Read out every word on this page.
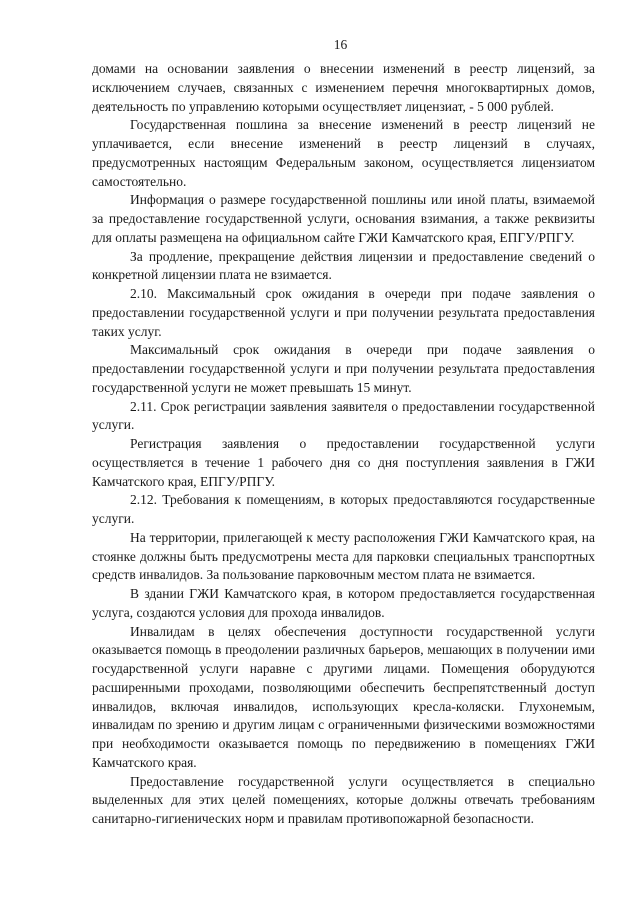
16

домами на основании заявления о внесении изменений в реестр лицензий, за исключением случаев, связанных с изменением перечня многоквартирных домов, деятельность по управлению которыми осуществляет лицензиат, - 5 000 рублей.

Государственная пошлина за внесение изменений в реестр лицензий не уплачивается, если внесение изменений в реестр лицензий в случаях, предусмотренных настоящим Федеральным законом, осуществляется лицензиатом самостоятельно.

Информация о размере государственной пошлины или иной платы, взимаемой за предоставление государственной услуги, основания взимания, а также реквизиты для оплаты размещена на официальном сайте ГЖИ Камчатского края, ЕПГУ/РПГУ.

За продление, прекращение действия лицензии и предоставление сведений о конкретной лицензии плата не взимается.

2.10. Максимальный срок ожидания в очереди при подаче заявления о предоставлении государственной услуги и при получении результата предоставления таких услуг.

Максимальный срок ожидания в очереди при подаче заявления о предоставлении государственной услуги и при получении результата предоставления государственной услуги не может превышать 15 минут.

2.11. Срок регистрации заявления заявителя о предоставлении государственной услуги.

Регистрация заявления о предоставлении государственной услуги осуществляется в течение 1 рабочего дня со дня поступления заявления в ГЖИ Камчатского края, ЕПГУ/РПГУ.

2.12. Требования к помещениям, в которых предоставляются государственные услуги.

На территории, прилегающей к месту расположения ГЖИ Камчатского края, на стоянке должны быть предусмотрены места для парковки специальных транспортных средств инвалидов. За пользование парковочным местом плата не взимается.

В здании ГЖИ Камчатского края, в котором предоставляется государственная услуга, создаются условия для прохода инвалидов.

Инвалидам в целях обеспечения доступности государственной услуги оказывается помощь в преодолении различных барьеров, мешающих в получении ими государственной услуги наравне с другими лицами. Помещения оборудуются расширенными проходами, позволяющими обеспечить беспрепятственный доступ инвалидов, включая инвалидов, использующих кресла-коляски. Глухонемым, инвалидам по зрению и другим лицам с ограниченными физическими возможностями при необходимости оказывается помощь по передвижению в помещениях ГЖИ Камчатского края.

Предоставление государственной услуги осуществляется в специально выделенных для этих целей помещениях, которые должны отвечать требованиям санитарно-гигиенических норм и правилам противопожарной безопасности.
